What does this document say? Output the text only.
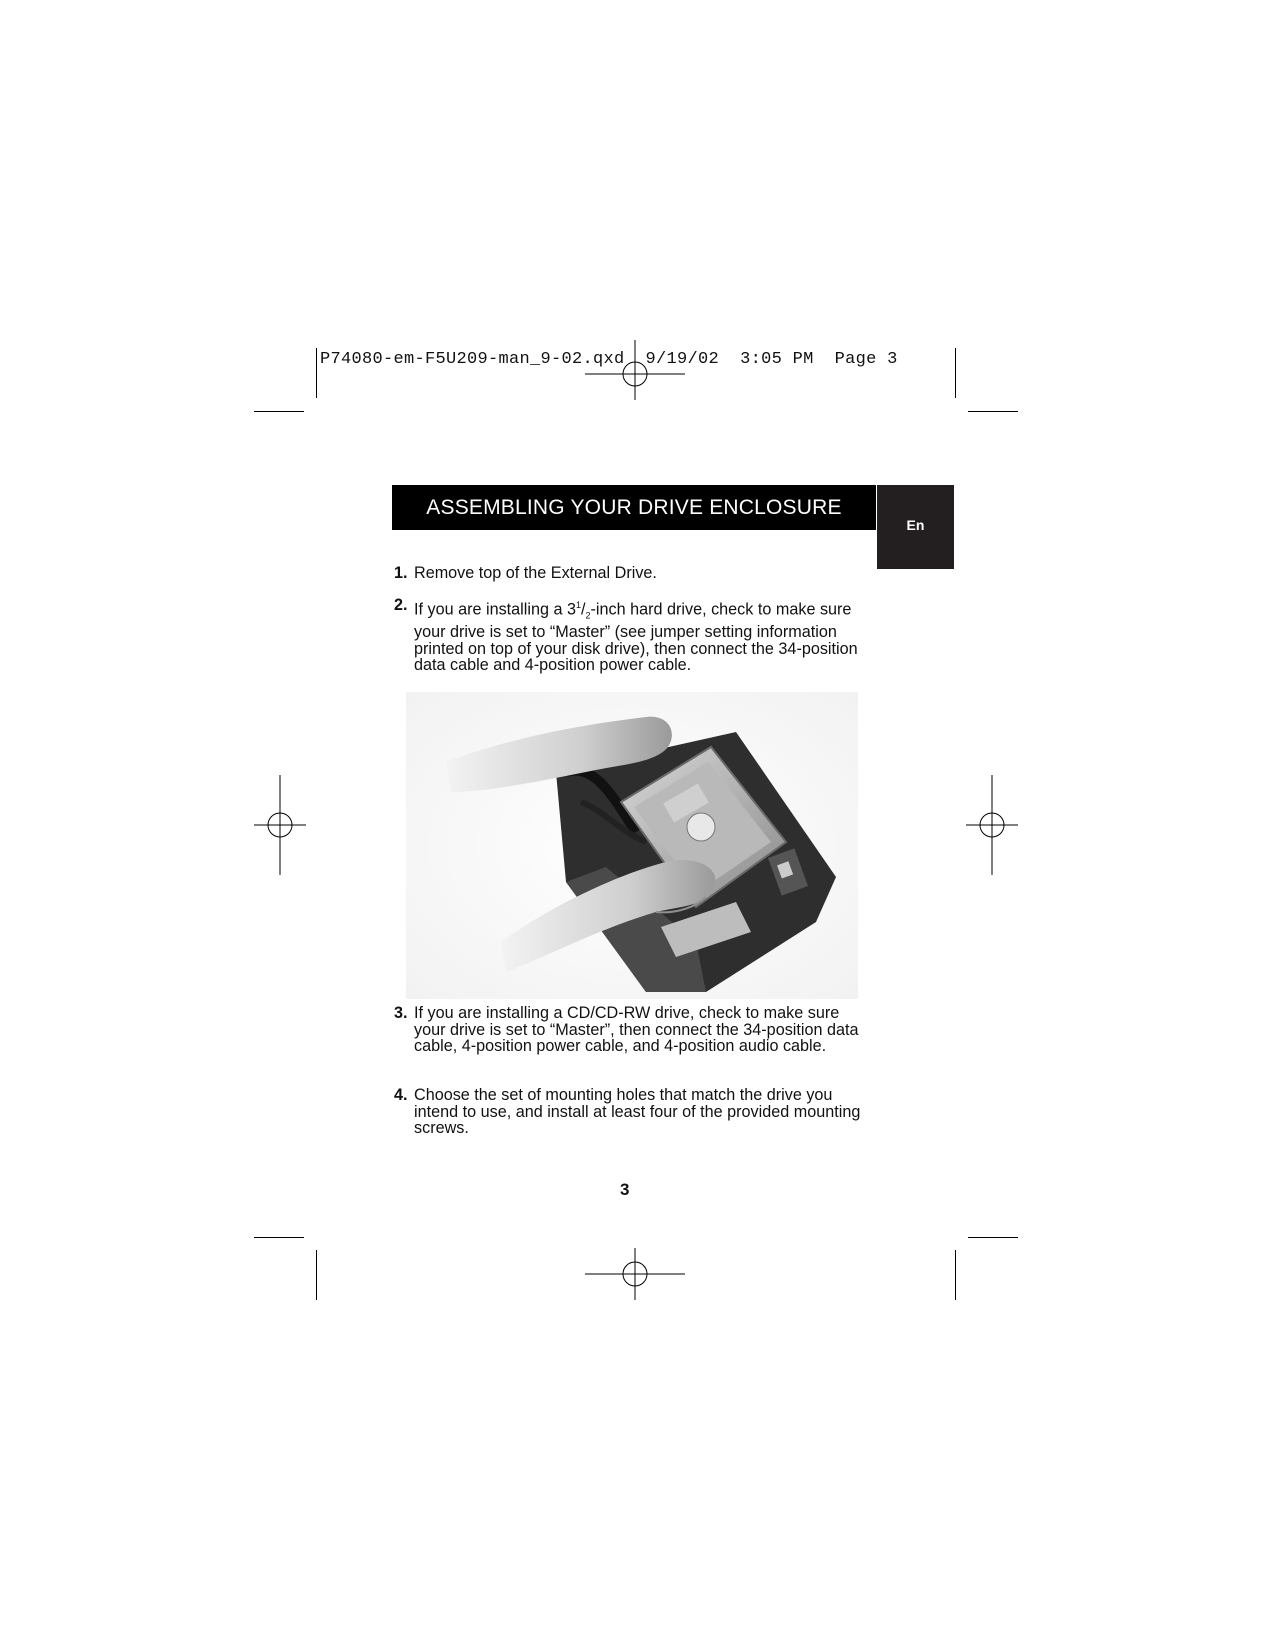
P74080-em-F5U209-man_9-02.qxd  9/19/02  3:05 PM  Page 3
ASSEMBLING YOUR DRIVE ENCLOSURE
En
1. Remove top of the External Drive.
2. If you are installing a $3^1/_2$-inch hard drive, check to make sure your drive is set to “Master” (see jumper setting information printed on top of your disk drive), then connect the 34-position data cable and 4-position power cable.
3. If you are installing a CD/CD-RW drive, check to make sure your drive is set to “Master”, then connect the 34-position data cable, 4-position power cable, and 4-position audio cable.
4. Choose the set of mounting holes that match the drive you intend to use, and install at least four of the provided mounting screws.
3
